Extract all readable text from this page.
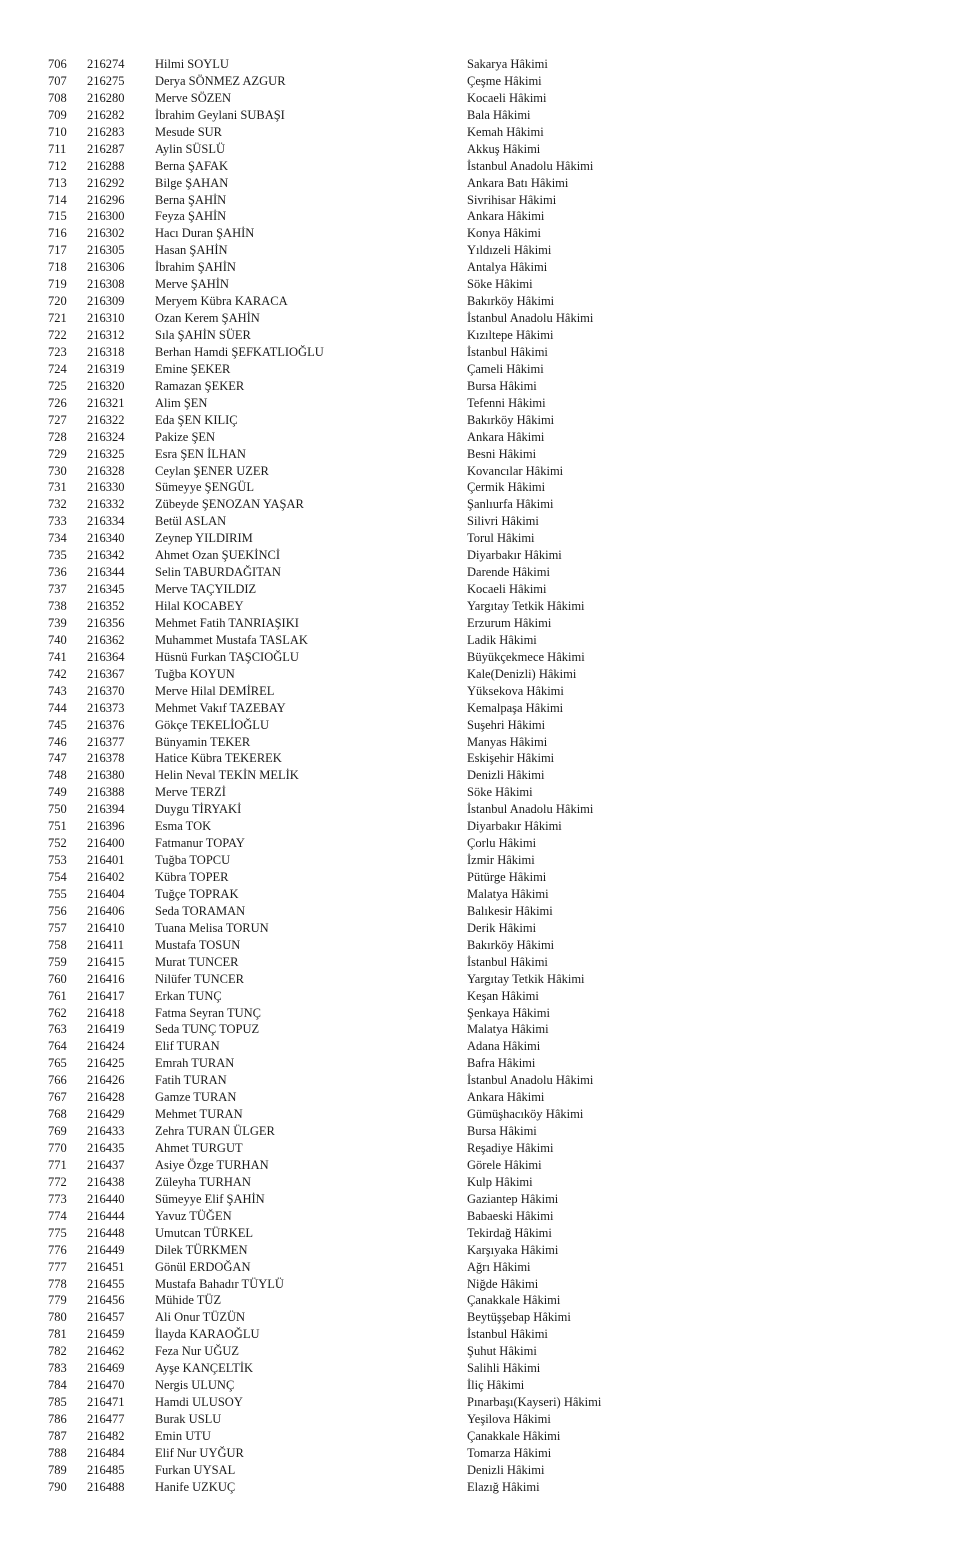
706 216274 Hilmi SOYLU	Sakarya Hâkimi
707 216275 Derya SÖNMEZ AZGUR	Çeşme Hâkimi
708 216280 Merve SÖZEN	Kocaeli Hâkimi
709 216282 İbrahim Geylani SUBAŞI	Bala Hâkimi
710 216283 Mesude SUR	Kemah Hâkimi
711 216287 Aylin SÜSLÜ	Akkuş Hâkimi
712 216288 Berna ŞAFAK	İstanbul Anadolu Hâkimi
713 216292 Bilge ŞAHAN	Ankara Batı Hâkimi
714 216296 Berna ŞAHİN	Sivrihisar Hâkimi
715 216300 Feyza ŞAHİN	Ankara Hâkimi
716 216302 Hacı Duran ŞAHİN	Konya Hâkimi
717 216305 Hasan ŞAHİN	Yıldızeli Hâkimi
718 216306 İbrahim ŞAHİN	Antalya Hâkimi
719 216308 Merve ŞAHİN	Söke Hâkimi
720 216309 Meryem Kübra KARACA	Bakırköy Hâkimi
721 216310 Ozan Kerem ŞAHİN	İstanbul Anadolu Hâkimi
722 216312 Sıla ŞAHİN SÜER	Kızıltepe Hâkimi
723 216318 Berhan Hamdi ŞEFKATLIOĞLU	İstanbul Hâkimi
724 216319 Emine ŞEKER	Çameli Hâkimi
725 216320 Ramazan ŞEKER	Bursa Hâkimi
726 216321 Alim ŞEN	Tefenni Hâkimi
727 216322 Eda ŞEN KILIÇ	Bakırköy Hâkimi
728 216324 Pakize ŞEN	Ankara Hâkimi
729 216325 Esra ŞEN İLHAN	Besni Hâkimi
730 216328 Ceylan ŞENER UZER	Kovancılar Hâkimi
731 216330 Sümeyye ŞENGÜL	Çermik Hâkimi
732 216332 Zübeyde ŞENOZAN YAŞAR	Şanlıurfa Hâkimi
733 216334 Betül ASLAN	Silivri Hâkimi
734 216340 Zeynep YILDIRIM	Torul Hâkimi
735 216342 Ahmet Ozan ŞUEKİNCİ	Diyarbakır Hâkimi
736 216344 Selin TABURDAĞITAN	Darende Hâkimi
737 216345 Merve TAÇYILDIZ	Kocaeli Hâkimi
738 216352 Hilal KOCABEY	Yargıtay Tetkik Hâkimi
739 216356 Mehmet Fatih TANRIAŞIKI	Erzurum Hâkimi
740 216362 Muhammet Mustafa TASLAK	Ladik Hâkimi
741 216364 Hüsnü Furkan TAŞCIOĞLU	Büyükçekmece Hâkimi
742 216367 Tuğba KOYUN	Kale(Denizli) Hâkimi
743 216370 Merve Hilal DEMİREL	Yüksekova Hâkimi
744 216373 Mehmet Vakıf TAZEBAY	Kemalpaşa Hâkimi
745 216376 Gökçe TEKELİOĞLU	Suşehri Hâkimi
746 216377 Bünyamin TEKER	Manyas Hâkimi
747 216378 Hatice Kübra TEKEREK	Eskişehir Hâkimi
748 216380 Helin Neval TEKİN MELİK	Denizli Hâkimi
749 216388 Merve TERZİ	Söke Hâkimi
750 216394 Duygu TİRYAKİ	İstanbul Anadolu Hâkimi
751 216396 Esma TOK	Diyarbakır Hâkimi
752 216400 Fatmanur TOPAY	Çorlu Hâkimi
753 216401 Tuğba TOPCU	İzmir Hâkimi
754 216402 Kübra TOPER	Pütürge Hâkimi
755 216404 Tuğçe TOPRAK	Malatya Hâkimi
756 216406 Seda TORAMAN	Balıkesir Hâkimi
757 216410 Tuana Melisa TORUN	Derik Hâkimi
758 216411 Mustafa TOSUN	Bakırköy Hâkimi
759 216415 Murat TUNCER	İstanbul Hâkimi
760 216416 Nilüfer TUNCER	Yargıtay Tetkik Hâkimi
761 216417 Erkan TUNÇ	Keşan Hâkimi
762 216418 Fatma Seyran TUNÇ	Şenkaya Hâkimi
763 216419 Seda TUNÇ TOPUZ	Malatya Hâkimi
764 216424 Elif TURAN	Adana Hâkimi
765 216425 Emrah TURAN	Bafra Hâkimi
766 216426 Fatih TURAN	İstanbul Anadolu Hâkimi
767 216428 Gamze TURAN	Ankara Hâkimi
768 216429 Mehmet TURAN	Gümüşhacıköy Hâkimi
769 216433 Zehra TURAN ÜLGER	Bursa Hâkimi
770 216435 Ahmet TURGUT	Reşadiye Hâkimi
771 216437 Asiye Özge TURHAN	Görele Hâkimi
772 216438 Züleyha TURHAN	Kulp Hâkimi
773 216440 Sümeyye Elif ŞAHİN	Gaziantep Hâkimi
774 216444 Yavuz TÜĞEN	Babaeski Hâkimi
775 216448 Umutcan TÜRKEL	Tekirdağ Hâkimi
776 216449 Dilek TÜRKMEN	Karşıyaka Hâkimi
777 216451 Gönül ERDOĞAN	Ağrı Hâkimi
778 216455 Mustafa Bahadır TÜYLÜ	Niğde Hâkimi
779 216456 Mühide TÜZ	Çanakkale Hâkimi
780 216457 Ali Onur TÜZÜN	Beytüşşebap Hâkimi
781 216459 İlayda KARAOĞLU	İstanbul Hâkimi
782 216462 Feza Nur UĞUZ	Şuhut Hâkimi
783 216469 Ayşe KANÇELTİK	Salihli Hâkimi
784 216470 Nergis ULUNÇ	İliç Hâkimi
785 216471 Hamdi ULUSOY	Pınarbaşı(Kayseri) Hâkimi
786 216477 Burak USLU	Yeşilova Hâkimi
787 216482 Emin UTU	Çanakkale Hâkimi
788 216484 Elif Nur UYĞUR	Tomarza Hâkimi
789 216485 Furkan UYSAL	Denizli Hâkimi
790 216488 Hanife UZKUÇ	Elazığ Hâkimi
